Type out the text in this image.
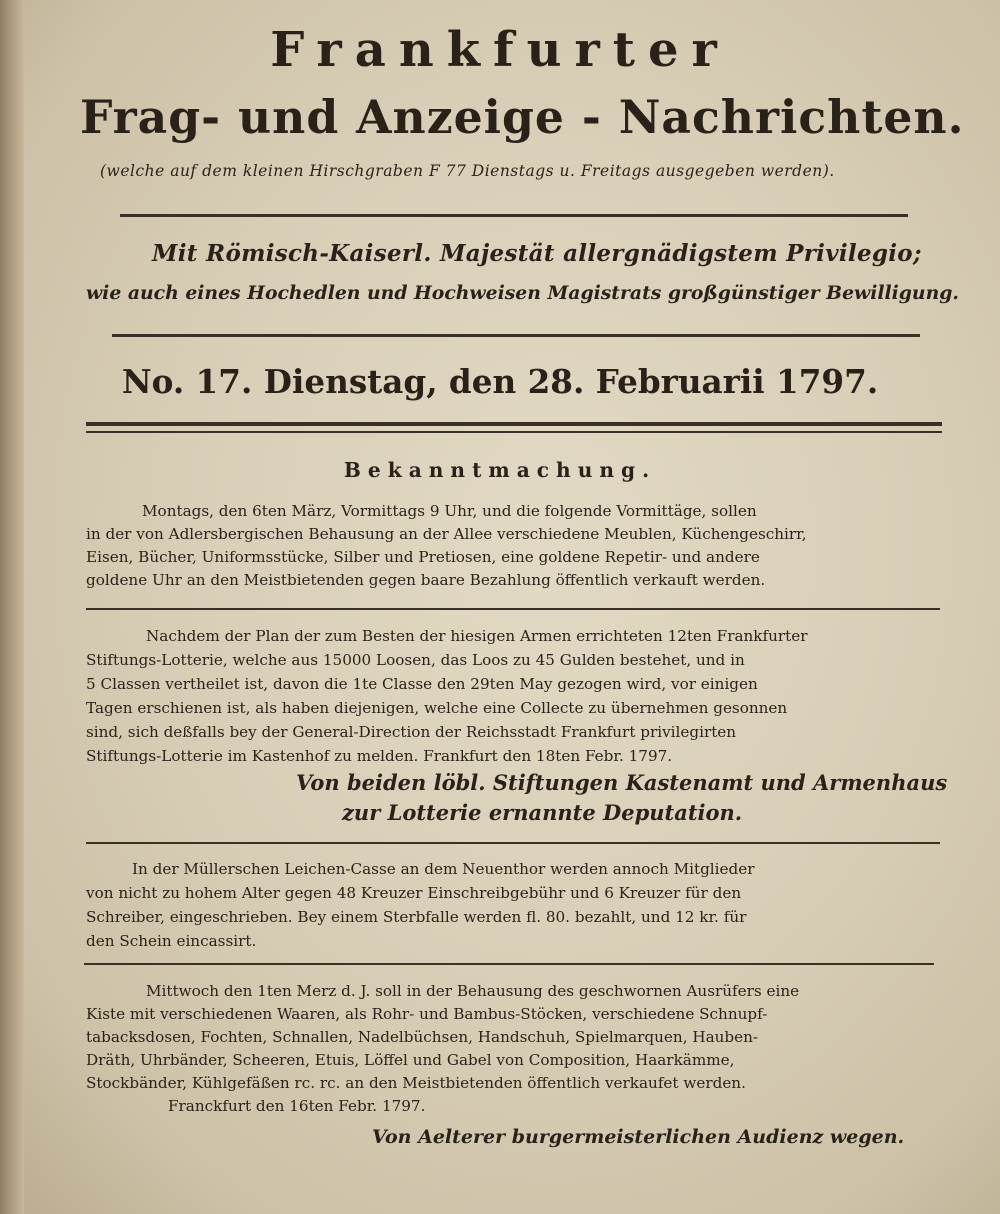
Frankfurter
Frag- und Anzeige - Nachrichten.
(welche auf dem kleinen Hirschgraben F 77 Dienstags u. Freitags ausgegeben werden).
Mit Römisch-Kaiserl. Majestät allergnädigstem Privilegio;
wie auch eines Hochedlen und Hochweisen Magistrats großgünstiger Bewilligung.
No. 17. Dienstag, den 28. Februarii 1797.
Bekanntmachung.
Montags, den 6ten März, Vormittags 9 Uhr, und die folgende Vormittäge, sollen
in der von Adlersbergischen Behausung an der Allee verschiedene Meublen, Küchengeschirr,
Eisen, Bücher, Uniformsstücke, Silber und Pretiosen, eine goldene Repetir- und andere
goldene Uhr an den Meistbietenden gegen baare Bezahlung öffentlich verkauft werden.
Nachdem der Plan der zum Besten der hiesigen Armen errichteten 12ten Frankfurter
Stiftungs-Lotterie, welche aus 15000 Loosen, das Loos zu 45 Gulden bestehet, und in
5 Classen vertheilet ist, davon die 1te Classe den 29ten May gezogen wird, vor einigen
Tagen erschienen ist, als haben diejenigen, welche eine Collecte zu übernehmen gesonnen
sind, sich deßfalls bey der General-Direction der Reichsstadt Frankfurt privilegirten
Stiftungs-Lotterie im Kastenhof zu melden. Frankfurt den 18ten Febr. 1797.
Von beiden löbl. Stiftungen Kastenamt und Armenhaus
zur Lotterie ernannte Deputation.
In der Müllerschen Leichen-Casse an dem Neuenthor werden annoch Mitglieder
von nicht zu hohem Alter gegen 48 Kreuzer Einschreibgebühr und 6 Kreuzer für den
Schreiber, eingeschrieben. Bey einem Sterbfalle werden fl. 80. bezahlt, und 12 kr. für
den Schein eincassirt.
Mittwoch den 1ten Merz d. J. soll in der Behausung des geschwornen Ausrüfers eine
Kiste mit verschiedenen Waaren, als Rohr- und Bambus-Stöcken, verschiedene Schnupf-
tabacksdosen, Fochten, Schnallen, Nadelbüchsen, Handschuh, Spielmarquen, Hauben-
Dräth, Uhrbänder, Scheeren, Etuis, Löffel und Gabel von Composition, Haarkämme,
Stockbänder, Kühlgefäßen rc. rc. an den Meistbietenden öffentlich verkaufet werden.
Franckfurt den 16ten Febr. 1797.
Von Aelterer burgermeisterlichen Audienz wegen.
